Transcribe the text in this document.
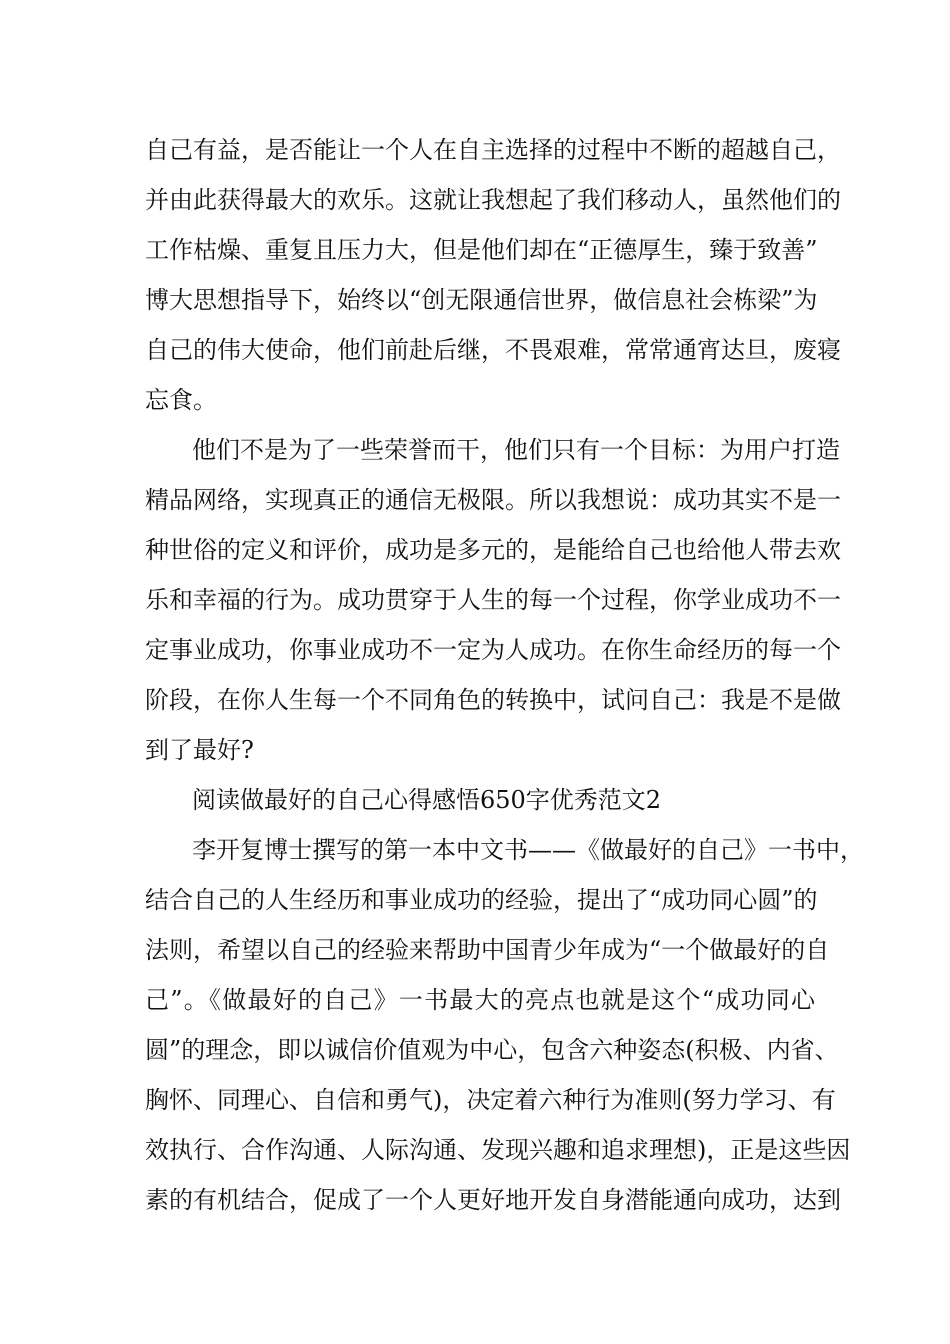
自己有益，是否能让一个人在自主选择的过程中不断的超越自己，
并由此获得最大的欢乐。这就让我想起了我们移动人，虽然他们的
工作枯燥、重复且压力大，但是他们却在“正德厚生，臻于致善”
博大思想指导下，始终以“创无限通信世界，做信息社会栋梁”为
自己的伟大使命，他们前赴后继，不畏艰难，常常通宵达旦，废寝
忘食。
他们不是为了一些荣誉而干，他们只有一个目标：为用户打造
精品网络，实现真正的通信无极限。所以我想说：成功其实不是一
种世俗的定义和评价，成功是多元的，是能给自己也给他人带去欢
乐和幸福的行为。成功贯穿于人生的每一个过程，你学业成功不一
定事业成功，你事业成功不一定为人成功。在你生命经历的每一个
阶段，在你人生每一个不同角色的转换中，试问自己：我是不是做
到了最好?
阅读做最好的自己心得感悟650字优秀范文2
李开复博士撰写的第一本中文书——《做最好的自己》一书中，
结合自己的人生经历和事业成功的经验，提出了“成功同心圆”的
法则，希望以自己的经验来帮助中国青少年成为“一个做最好的自
己”。《做最好的自己》一书最大的亮点也就是这个“成功同心
圆”的理念，即以诚信价值观为中心，包含六种姿态(积极、内省、
胸怀、同理心、自信和勇气)，决定着六种行为准则(努力学习、有
效执行、合作沟通、人际沟通、发现兴趣和追求理想)，正是这些因
素的有机结合，促成了一个人更好地开发自身潜能通向成功，达到
